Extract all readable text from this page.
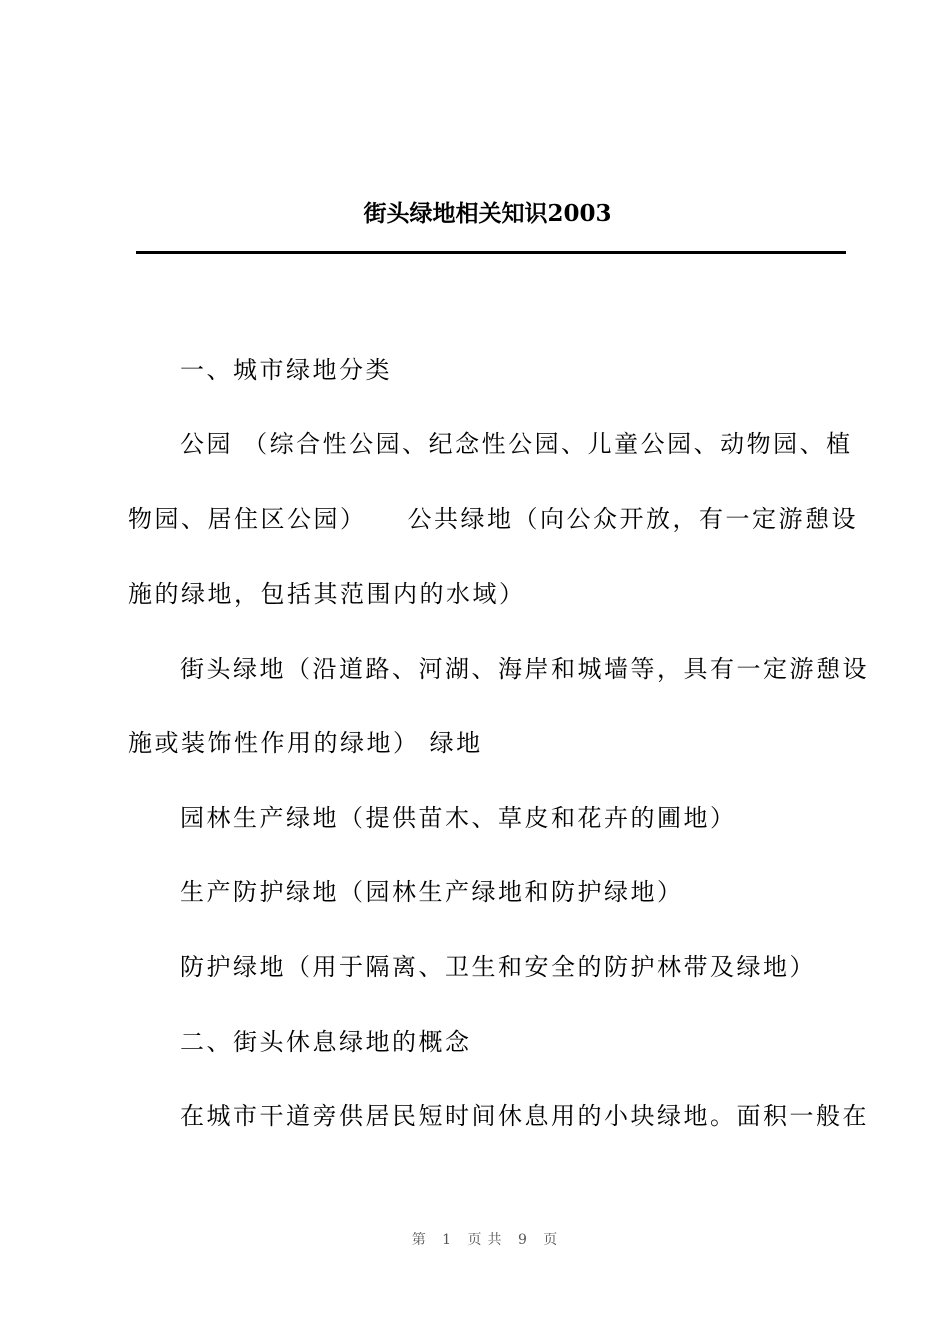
街头绿地相关知识2003
一、城市绿地分类
公园 （综合性公园、纪念性公园、儿童公园、动物园、植
物园、居住区公园）　　公共绿地（向公众开放，有一定游憩设
施的绿地，包括其范围内的水域）
街头绿地（沿道路、河湖、海岸和城墙等，具有一定游憩设
施或装饰性作用的绿地） 绿地
园林生产绿地（提供苗木、草皮和花卉的圃地）
生产防护绿地（园林生产绿地和防护绿地）
防护绿地（用于隔离、卫生和安全的防护林带及绿地）
二、街头休息绿地的概念
在城市干道旁供居民短时间休息用的小块绿地。面积一般在
第 1 页共 9 页
